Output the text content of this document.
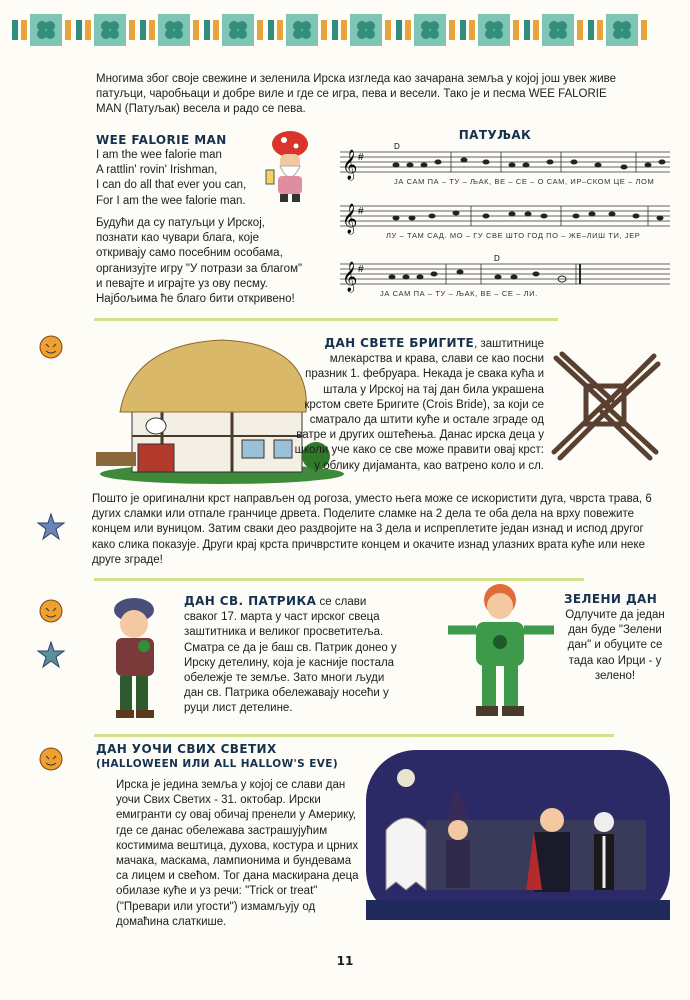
Многима због своје свежине и зеленила Ирска изгледа као зачарана земља у којој још увек живе патуљци, чаробњаци и добре виле и где се игра, пева и весели. Тако је и песма WEE FALORIE MAN (Патуљак) весела и радо се пева.
WEE FALORIE MAN
I am the wee falorie man
A rattlin' rovin' Irishman,
I can do all that ever you can,
For I am the wee falorie man.
Будући да су патуљци у Ирској, познати као чувари блага, које откривају само посебним особама, организујте игру "У потрази за благом" и певајте и играјте уз ову песму. Најбољима ће благо бити откривено!
ПАТУЉАК
𝄞 #
D
ЈА САМ ПА – ТУ – ЉАК, ВЕ – СЕ – О САМ, ИР–СКОМ ЦЕ – ЛОМ
𝄞 #
ЛУ – ТАМ САД. МО – ГУ СВЕ ШТО ГОД ПО – ЖЕ–ЛИШ ТИ, ЈЕР
𝄞 #
D
ЈА САМ ПА – ТУ – ЉАК, ВЕ – СЕ – ЛИ.
ДАН СВЕТЕ БРИГИТЕ, заштитнице млекарства и крава, слави се као посни празник 1. фебруара. Некада је свака кућа и штала у Ирској на тај дан била украшена крстом свете Бригите (Crois Bride), за који се сматрало да штити куће и остале зграде од ватре и других оштећења. Данас ирска деца у школи уче како се све може правити овај крст: у облику дијаманта, као ватрено коло и сл.
Пошто је оригинални крст направљен од рогоза, уместо њега може се искористити дуга, чврста трава, 6 дугих сламки или отпале гранчице дрвета. Поделите сламке на 2 дела те оба дела на врху повежите концем или вуницом. Затим сваки део раздвојите на 3 дела и испреплетите један изнад и испод другог како слика показује. Други крај крста причврстите концем и окачите изнад улазних врата куће или неке друге зграде!
ДАН СВ. ПАТРИКА се слави сваког 17. марта у част ирског свеца заштитника и великог просветитеља. Сматра се да је баш св. Патрик донео у Ирску детелину, која је касније постала обележје те земље. Зато многи људи дан св. Патрика обележавају носећи у руци лист детелине.
ЗЕЛЕНИ ДАН
Одлучите да један дан буде "Зелени дан" и обуците се тада као Ирци - у зелено!
ДАН УОЧИ СВИХ СВЕТИХ
(HALLOWEEN ИЛИ ALL HALLOW'S EVE)
Ирска је једина земља у којој се слави дан уочи Свих Светих - 31. октобар. Ирски емигранти су овај обичај пренели у Америку, где се данас обележава застрашујућим костимима вештица, духова, костура и црних мачака, маскама, лампионима и бундевама са лицем и свећом. Тог дана маскирана деца обилазе куће и уз речи: "Trick or treat" ("Превари или угости") измамљују од домаћина слаткише.
11
